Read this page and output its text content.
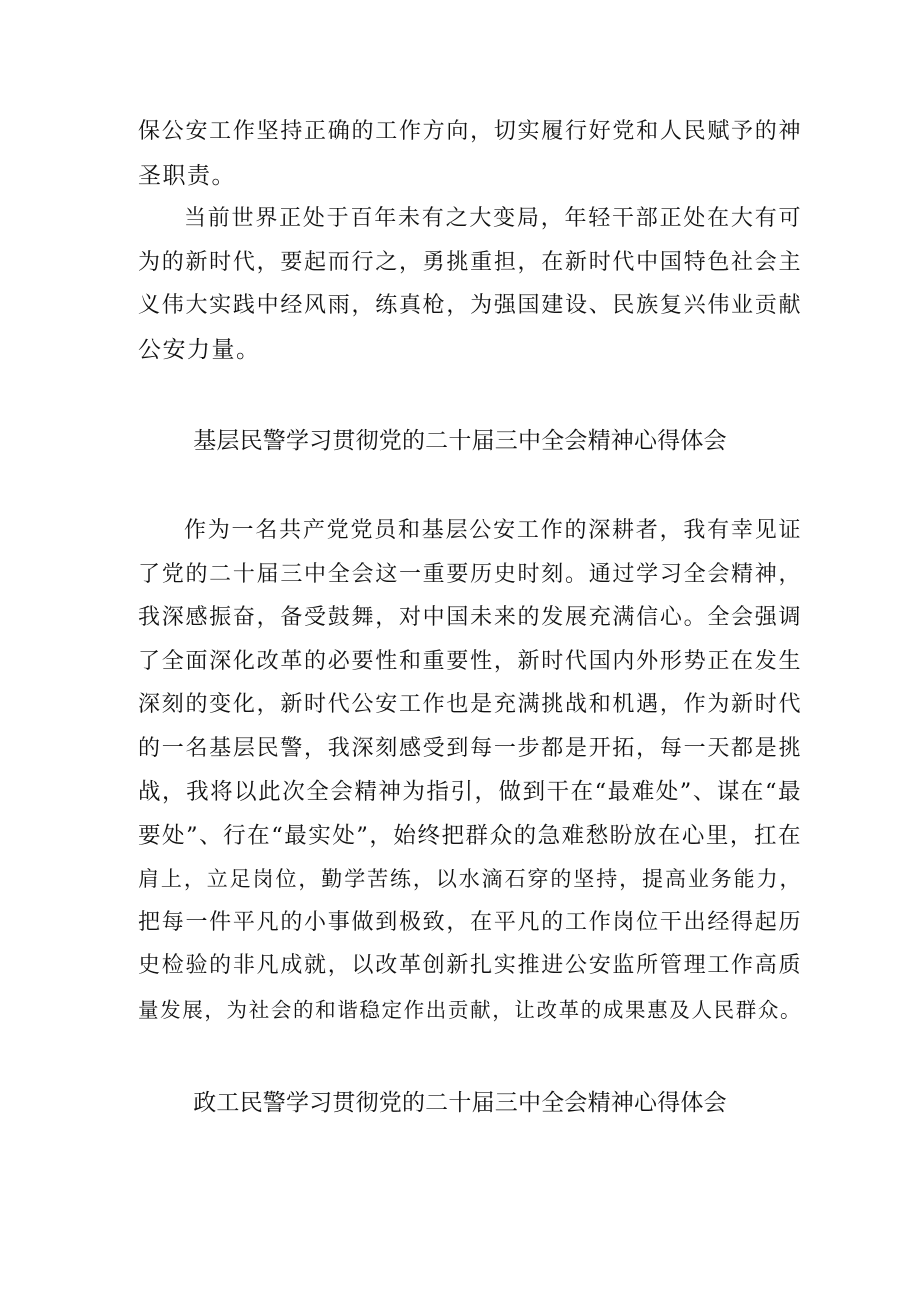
保公安工作坚持正确的工作方向，切实履行好党和人民赋予的神
圣职责。
当前世界正处于百年未有之大变局，年轻干部正处在大有可
为的新时代，要起而行之，勇挑重担，在新时代中国特色社会主
义伟大实践中经风雨，练真枪，为强国建设、民族复兴伟业贡献
公安力量。
基层民警学习贯彻党的二十届三中全会精神心得体会
作为一名共产党党员和基层公安工作的深耕者，我有幸见证
了党的二十届三中全会这一重要历史时刻。通过学习全会精神，
我深感振奋，备受鼓舞，对中国未来的发展充满信心。全会强调
了全面深化改革的必要性和重要性，新时代国内外形势正在发生
深刻的变化，新时代公安工作也是充满挑战和机遇，作为新时代
的一名基层民警，我深刻感受到每一步都是开拓，每一天都是挑
战，我将以此次全会精神为指引，做到干在“最难处”、谋在“最
要处”、行在“最实处”，始终把群众的急难愁盼放在心里，扛在
肩上，立足岗位，勤学苦练，以水滴石穿的坚持，提高业务能力，
把每一件平凡的小事做到极致，在平凡的工作岗位干出经得起历
史检验的非凡成就，以改革创新扎实推进公安监所管理工作高质
量发展，为社会的和谐稳定作出贡献，让改革的成果惠及人民群众。
政工民警学习贯彻党的二十届三中全会精神心得体会
